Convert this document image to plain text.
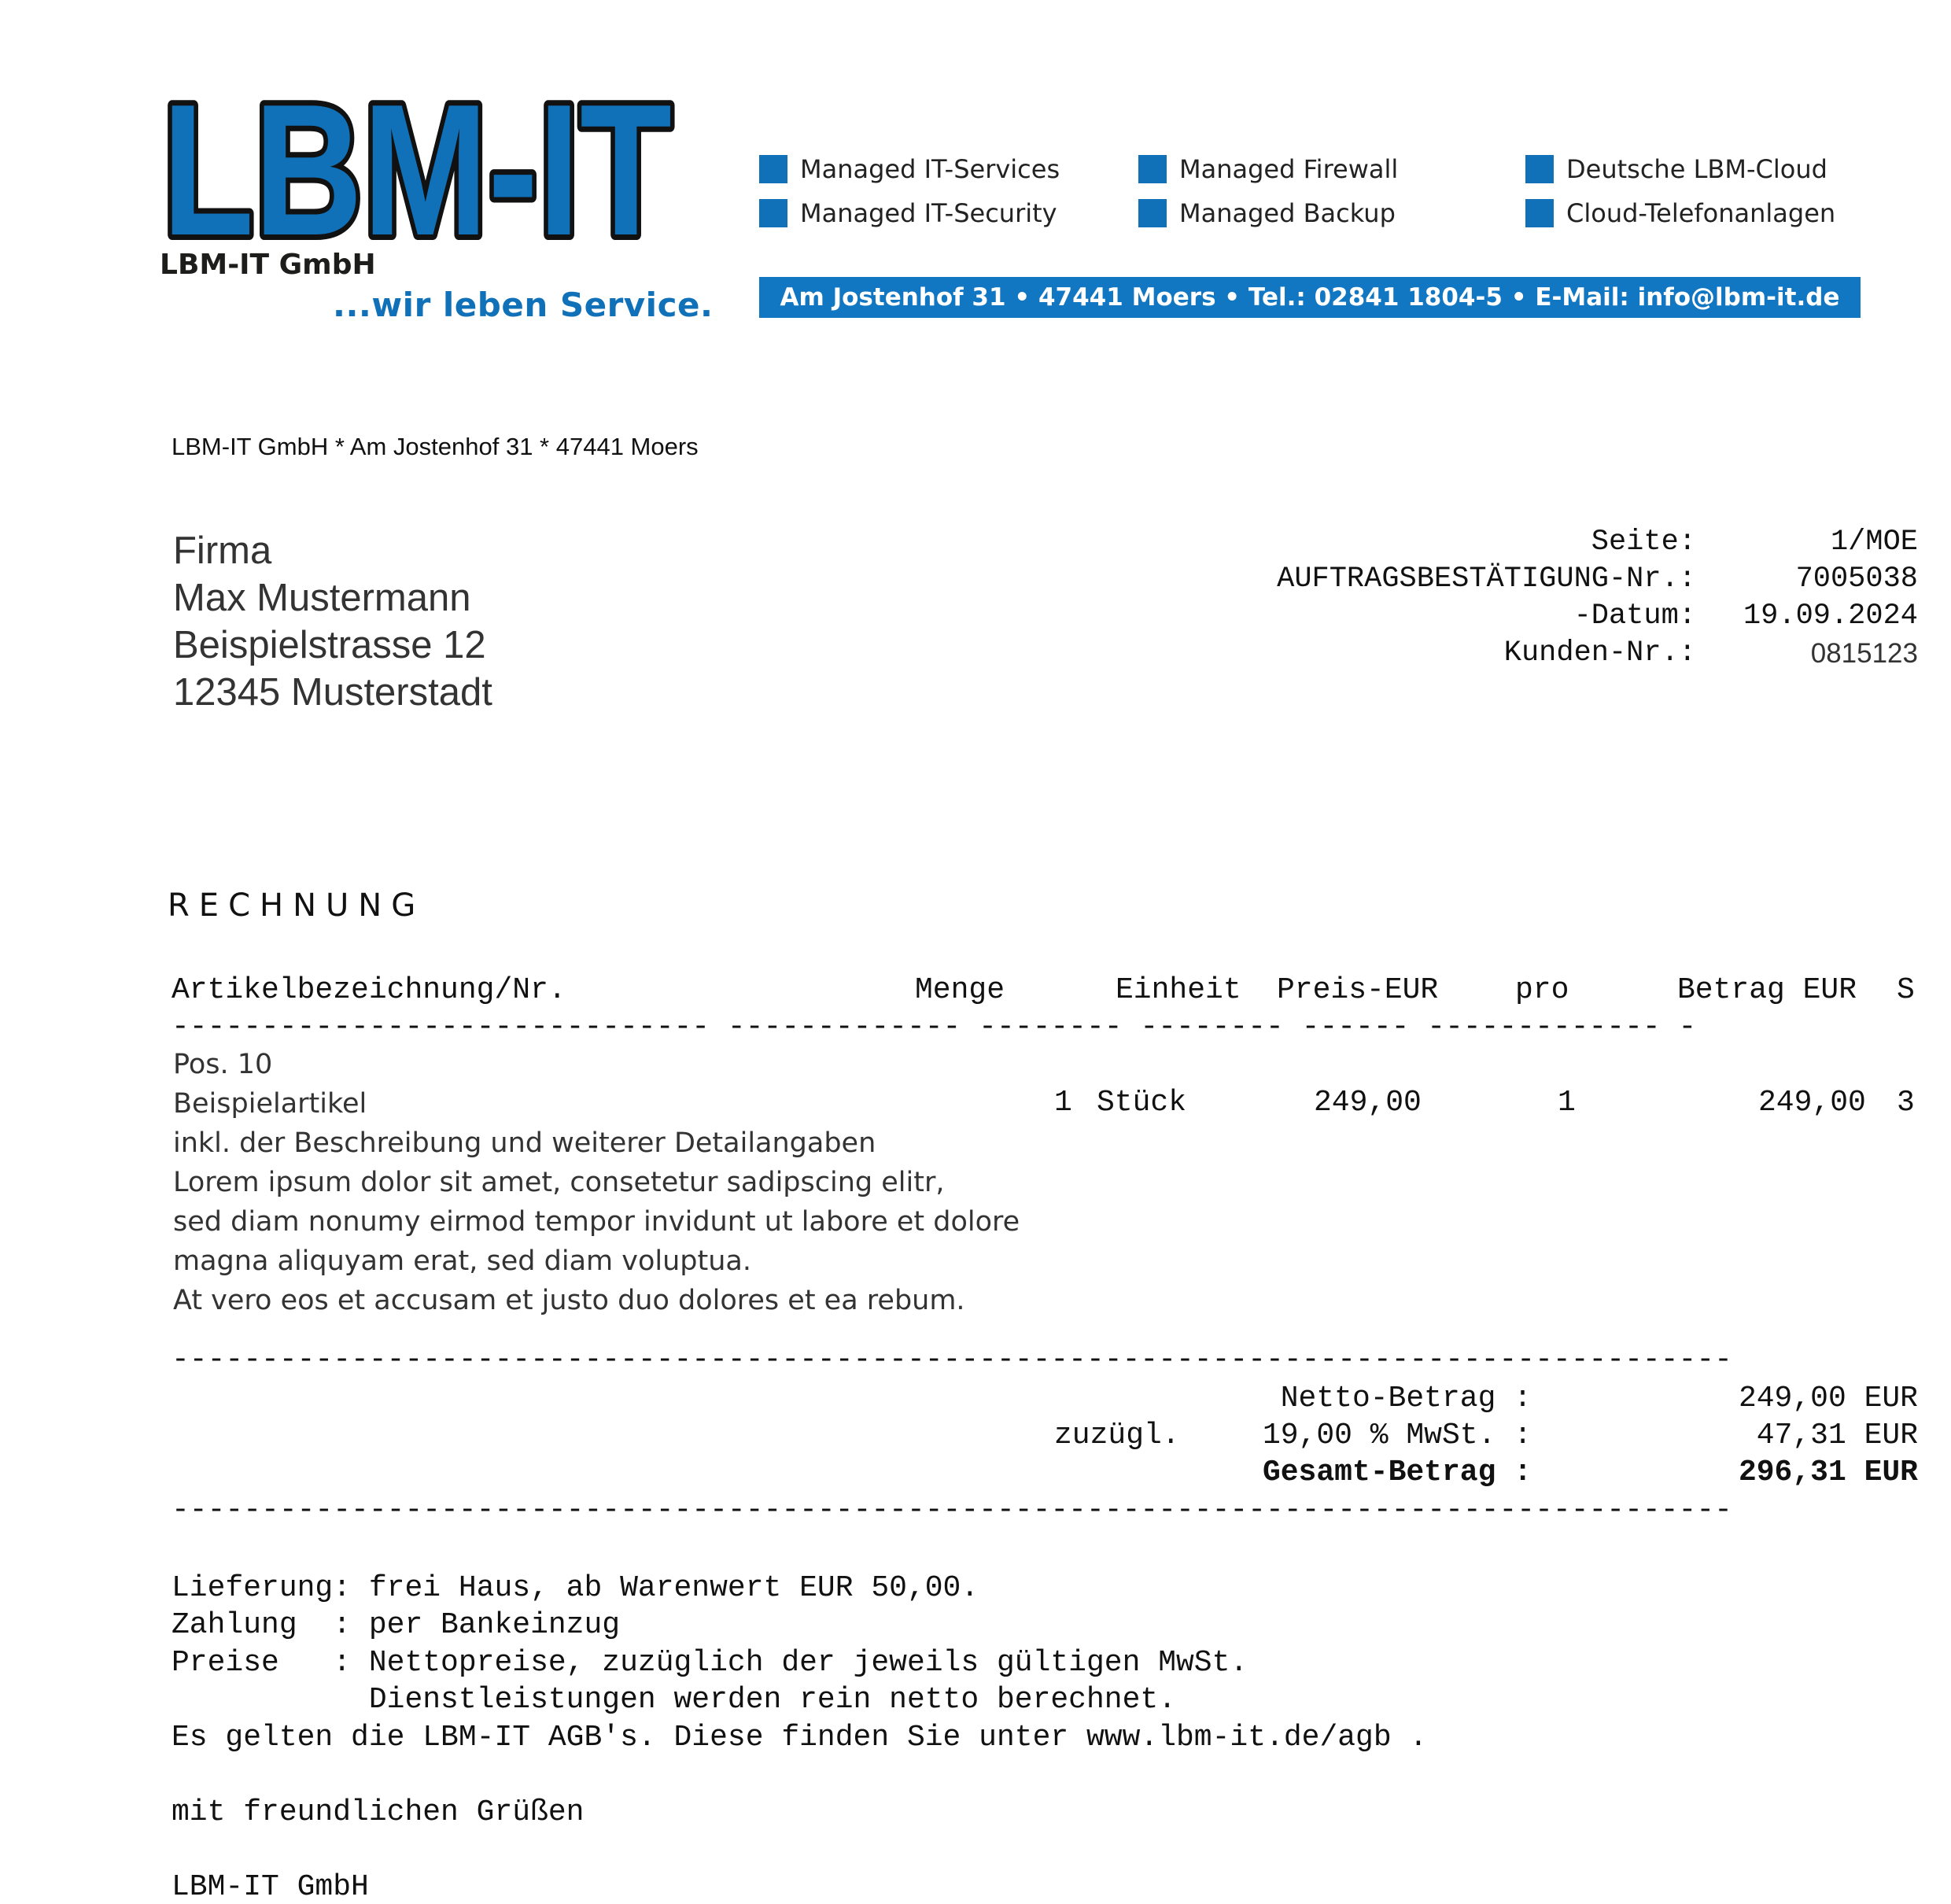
LBM-IT
LBM-IT GmbH
...wir leben Service.
Managed IT-Services
Managed IT-Security
Managed Firewall
Managed Backup
Deutsche LBM-Cloud
Cloud-Telefonanlagen
Am Jostenhof 31 • 47441 Moers • Tel.: 02841 1804-5 • E-Mail: info@lbm-it.de
LBM-IT GmbH * Am Jostenhof 31 * 47441 Moers
Firma
Max Mustermann
Beispielstrasse 12
12345 Musterstadt
Seite:	1/MOE
AUFTRAGSBESTÄTIGUNG-Nr.:	7005038
-Datum: 19.09.2024
Kunden-Nr.:	0815123
RECHNUNG
Artikelbezeichnung/Nr.	Menge	Einheit Preis-EUR	pro	Betrag EUR S
------------------------------ ------------- -------- -------- ------ ------------- -
Pos. 10
Beispielartikel	1 Stück	249,00	1	249,00 3
inkl. der Beschreibung und weiterer Detailangaben
Lorem ipsum dolor sit amet, consetetur sadipscing elitr,
sed diam nonumy eirmod tempor invidunt ut labore et dolore
magna aliquyam erat, sed diam voluptua.
At vero eos et accusam et justo duo dolores et ea rebum.
---------------------------------------------------------------------------------------
Netto-Betrag :	249,00 EUR
zuzügl.	19,00 % MwSt. :	47,31 EUR
Gesamt-Betrag :	296,31 EUR
---------------------------------------------------------------------------------------
Lieferung: frei Haus, ab Warenwert EUR 50,00.
Zahlung  : per Bankeinzug
Preise   : Nettopreise, zuzüglich der jeweils gültigen MwSt.
Dienstleistungen werden rein netto berechnet.
Es gelten die LBM-IT AGB's. Diese finden Sie unter www.lbm-it.de/agb .
mit freundlichen Grüßen
LBM-IT GmbH
